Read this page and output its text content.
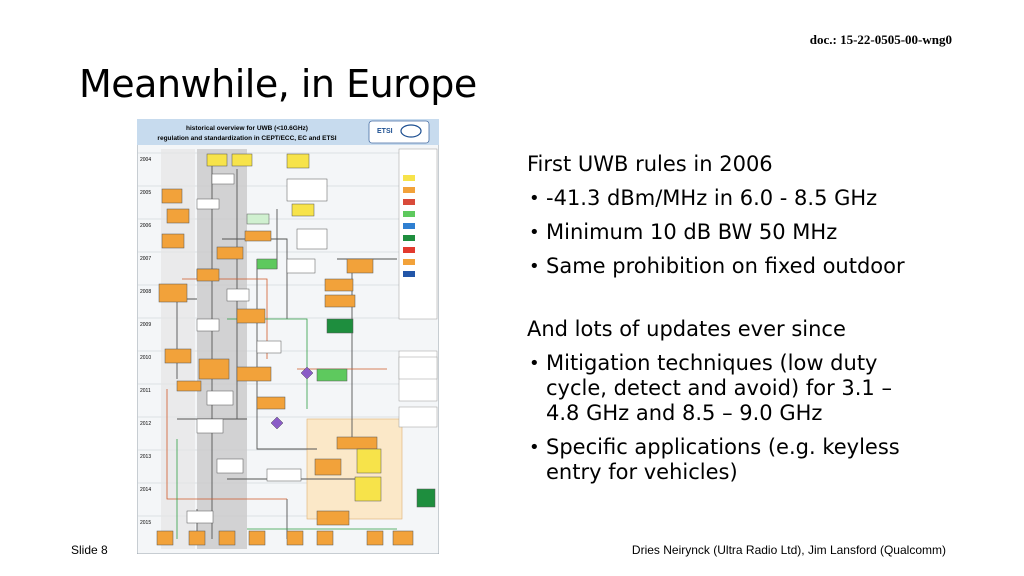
doc.: 15-22-0505-00-wng0
Meanwhile, in Europe
historical overview for UWB (<10.6GHz)
regulation and standardization in CEPT/ECC, EC and ETSI
ETSI
2004
2005
2006
2007
2008
2009
2010
2011
2012
2013
2014
2015

First UWB rules in 2006

• -41.3 dBm/MHz in 6.0 - 8.5 GHz
• Minimum 10 dB BW 50 MHz
• Same prohibition on fixed outdoor

And lots of updates ever since

• Mitigation techniques (low duty cycle, detect and avoid) for 3.1 – 4.8 GHz and 8.5 – 9.0 GHz
• Specific applications (e.g. keyless entry for vehicles)
Slide 8	Dries Neirynck (Ultra Radio Ltd), Jim Lansford (Qualcomm)
